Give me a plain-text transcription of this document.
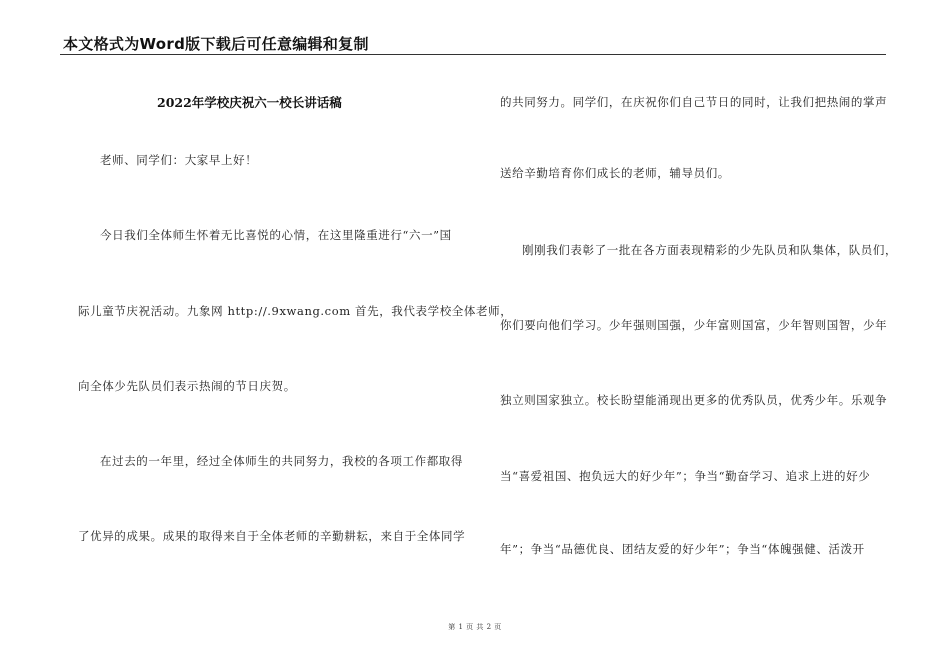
本文格式为Word版下载后可任意编辑和复制
2022年学校庆祝六一校长讲话稿
老师、同学们：大家早上好！
今日我们全体师生怀着无比喜悦的心情，在这里隆重进行“六一”国
际儿童节庆祝活动。九象网 http://.9xwang.com 首先，我代表学校全体老师，
向全体少先队员们表示热闹的节日庆贺。
在过去的一年里，经过全体师生的共同努力，我校的各项工作都取得
了优异的成果。成果的取得来自于全体老师的辛勤耕耘，来自于全体同学
的共同努力。同学们，在庆祝你们自己节日的同时，让我们把热闹的掌声
送给辛勤培育你们成长的老师，辅导员们。
刚刚我们表彰了一批在各方面表现精彩的少先队员和队集体，队员们，
你们要向他们学习。少年强则国强，少年富则国富，少年智则国智，少年
独立则国家独立。校长盼望能涌现出更多的优秀队员，优秀少年。乐观争
当“喜爱祖国、抱负远大的好少年”；争当“勤奋学习、追求上进的好少
年”；争当“品德优良、团结友爱的好少年”；争当“体魄强健、活泼开
第 1 页 共 2 页
